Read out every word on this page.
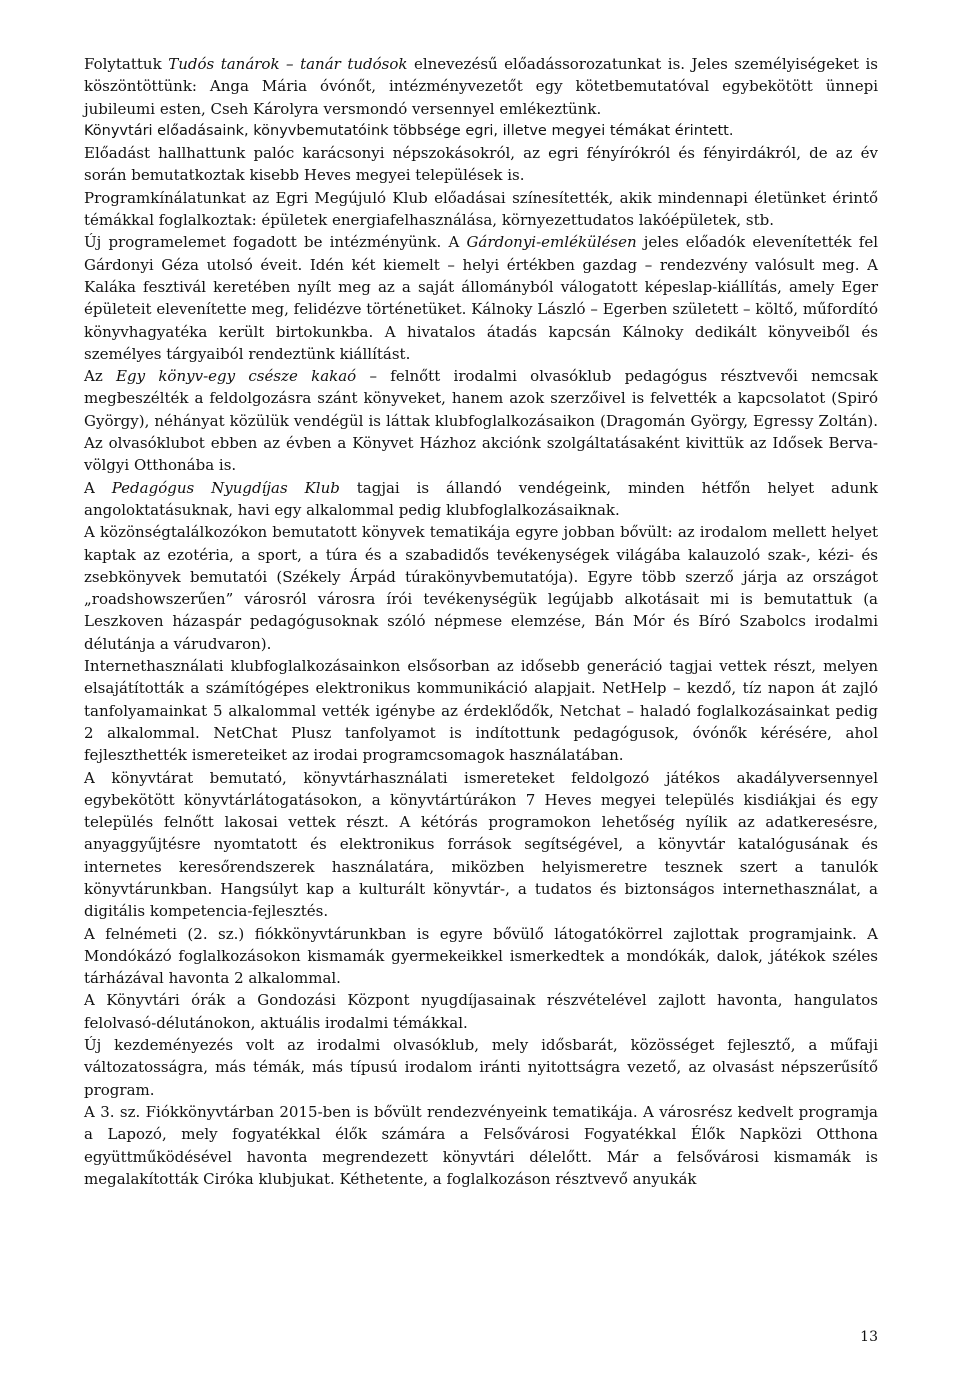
Folytattuk Tudós tanárok – tanár tudósok elnevezésű előadássorozatunkat is. Jeles személyiségeket is köszöntöttünk: Anga Mária óvónőt, intézményvezetőt egy kötetbemutatóval egybekötött ünnepi jubileumi esten, Cseh Károlyra versmondó versennyel emlékeztünk.

Könyvtári előadásaink, könyvbemutatóink többsége egri, illetve megyei témákat érintett.

Előadást hallhattunk palóc karácsonyi népszokásokról, az egri fényírókról és fényirdákról, de az év során bemutatkoztak kisebb Heves megyei települések is.

Programkínálatunkat az Egri Megújuló Klub előadásai színesítették, akik mindennapi életünket érintő témákkal foglalkoztak: épületek energiafelhasználása, környezettudatos lakóépületek, stb.

Új programelemet fogadott be intézményünk. A Gárdonyi-emlékülésen jeles előadók elevenítették fel Gárdonyi Géza utolsó éveit. Idén két kiemelt – helyi értékben gazdag – rendezvény valósult meg. A Kaláka fesztivál keretében nyílt meg az a saját állományból válogatott képeslap-kiállítás, amely Eger épületeit elevenítette meg, felidézve történetüket. Kálnoky László – Egerben született – költő, műfordító könyvhagyatéka került birtokunkba. A hivatalos átadás kapcsán Kálnoky dedikált könyveiből és személyes tárgyaiból rendeztünk kiállítást.

Az Egy könyv-egy csésze kakaó – felnőtt irodalmi olvasóklub pedagógus résztvevői nemcsak megbeszélték a feldolgozásra szánt könyveket, hanem azok szerzőivel is felvették a kapcsolatot (Spiró György), néhányat közülük vendégül is láttak klubfoglalkozásaikon (Dragomán György, Egressy Zoltán). Az olvasóklubot ebben az évben a Könyvet Házhoz akciónk szolgáltatásaként kivittük az Idősek Berva-völgyi Otthonába is.

A Pedagógus Nyugdíjas Klub tagjai is állandó vendégeink, minden hétfőn helyet adunk angoloktatásuknak, havi egy alkalommal pedig klubfoglalkozásaiknak.

A közönségtalálkozókon bemutatott könyvek tematikája egyre jobban bővült: az irodalom mellett helyet kaptak az ezotéria, a sport, a túra és a szabadidős tevékenységek világába kalauzoló szak-, kézi- és zsebkönyvek bemutatói (Székely Árpád túrakönyvbemutatója). Egyre több szerző járja az országot „roadshowszerűen” városról városra írói tevékenységük legújabb alkotásait mi is bemutattuk (a Leszkoven házaspár pedagógusoknak szóló népmese elemzése, Bán Mór és Bíró Szabolcs irodalmi délutánja a várudvaron).

Internethasználati klubfoglalkozásainkon elsősorban az idősebb generáció tagjai vettek részt, melyen elsajátították a számítógépes elektronikus kommunikáció alapjait. NetHelp – kezdő, tíz napon át zajló tanfolyamainkat 5 alkalommal vették igénybe az érdeklődők, Netchat – haladó foglalkozásainkat pedig 2 alkalommal. NetChat Plusz tanfolyamot is indítottunk pedagógusok, óvónők kérésére, ahol fejleszthették ismereteiket az irodai programcsomagok használatában.

A könyvtárat bemutató, könyvtárhasználati ismereteket feldolgozó játékos akadályversennyel egybekötött könyvtárlátogatásokon, a könyvtártúrákon 7 Heves megyei település kisdiákjai és egy település felnőtt lakosai vettek részt. A kétórás programokon lehetőség nyílik az adatkeresésre, anyaggyűjtésre nyomtatott és elektronikus források segítségével, a könyvtár katalógusának és internetes keresőrendszerek használatára, miközben helyismeretre tesznek szert a tanulók könyvtárunkban. Hangsúlyt kap a kulturált könyvtár-, a tudatos és biztonságos internethasználat, a digitális kompetencia-fejlesztés.

A felnémeti (2. sz.) fiókkönyvtárunkban is egyre bővülő látogatókörrel zajlottak programjaink. A Mondókázó foglalkozásokon kismamák gyermekeikkel ismerkedtek a mondókák, dalok, játékok széles tárházával havonta 2 alkalommal.

A Könyvtári órák a Gondozási Központ nyugdíjasainak részvételével zajlott havonta, hangulatos felolvasó-délutánokon, aktuális irodalmi témákkal.

Új kezdeményezés volt az irodalmi olvasóklub, mely idősbarát, közösséget fejlesztő, a műfaji változatosságra, más témák, más típusú irodalom iránti nyitottságra vezető, az olvasást népszerűsítő program.

A 3. sz. Fiókkönyvtárban 2015-ben is bővült rendezvényeink tematikája. A városrész kedvelt programja a Lapozó, mely fogyatékkal élők számára a Felsővárosi Fogyatékkal Élők Napközi Otthona együttműködésével havonta megrendezett könyvtári délelőtt. Már a felsővárosi kismamák is megalakították Ciróka klubjukat. Kéthetente, a foglalkozáson résztvevő anyukák

13
